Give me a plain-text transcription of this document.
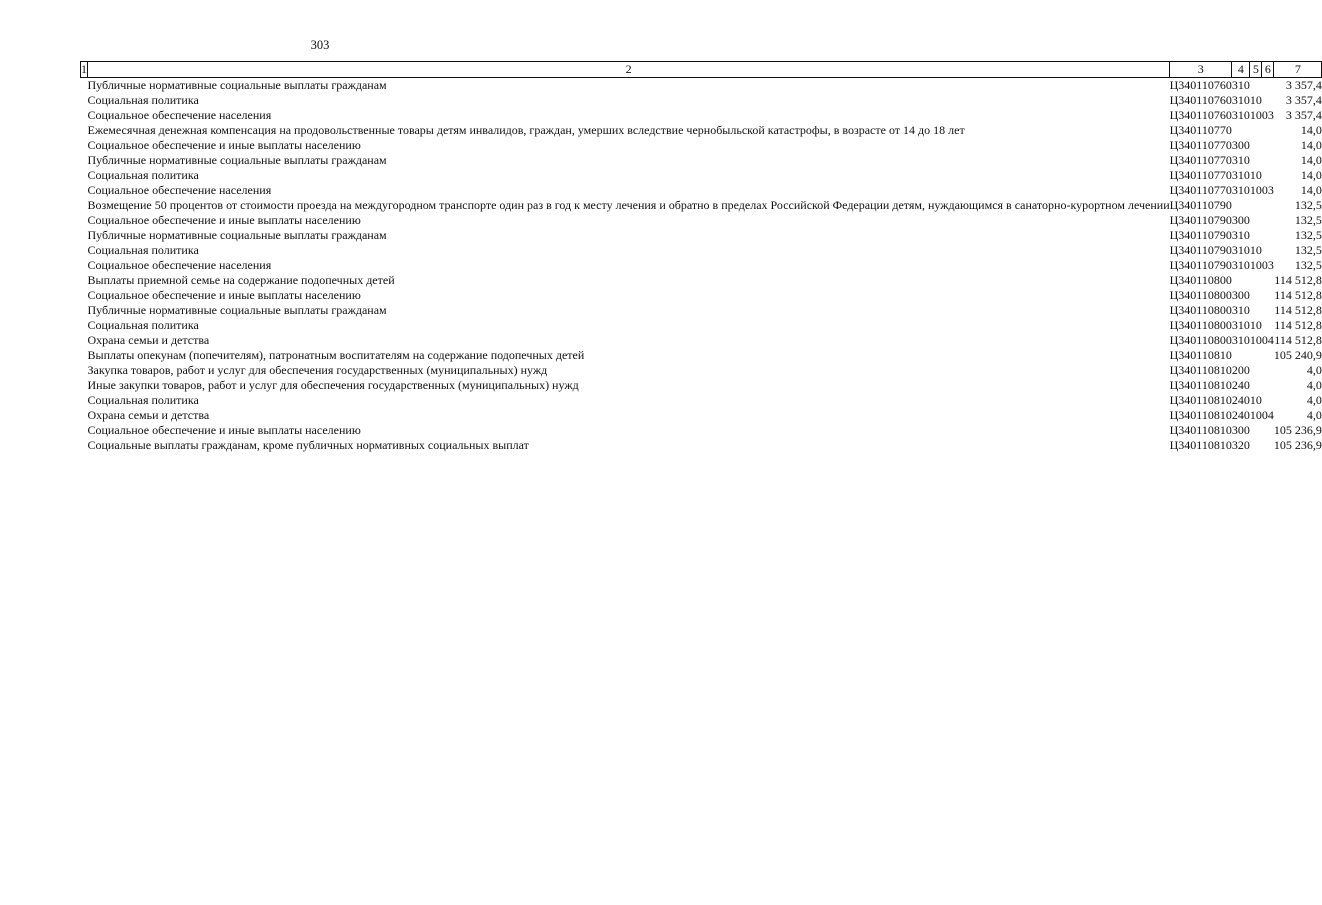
303
1	2	3	4	5	6	7
	Публичные нормативные социальные выплаты гражданам	Ц340110760	310			3 357,4
	Социальная политика	Ц340110760	310	10		3 357,4
	Социальное обеспечение населения	Ц340110760	310	10	03	3 357,4
	Ежемесячная денежная компенсация на продовольственные товары детям инвалидов, граждан, умерших вследствие чернобыльской катастрофы, в возрасте от 14 до 18 лет	Ц340110770				14,0
	Социальное обеспечение и иные выплаты населению	Ц340110770	300			14,0
	Публичные нормативные социальные выплаты гражданам	Ц340110770	310			14,0
	Социальная политика	Ц340110770	310	10		14,0
	Социальное обеспечение населения	Ц340110770	310	10	03	14,0
	Возмещение 50 процентов от стоимости проезда на междугородном транспорте один раз в год к месту лечения и обратно в пределах Российской Федерации детям, нуждающимся в санаторно-курортном лечении	Ц340110790				132,5
	Социальное обеспечение и иные выплаты населению	Ц340110790	300			132,5
	Публичные нормативные социальные выплаты гражданам	Ц340110790	310			132,5
	Социальная политика	Ц340110790	310	10		132,5
	Социальное обеспечение населения	Ц340110790	310	10	03	132,5
	Выплаты приемной семье на содержание подопечных детей	Ц340110800				114 512,8
	Социальное обеспечение и иные выплаты населению	Ц340110800	300			114 512,8
	Публичные нормативные социальные выплаты гражданам	Ц340110800	310			114 512,8
	Социальная политика	Ц340110800	310	10		114 512,8
	Охрана семьи и детства	Ц340110800	310	10	04	114 512,8
	Выплаты опекунам (попечителям), патронатным воспитателям на содержание подопечных детей	Ц340110810				105 240,9
	Закупка товаров, работ и услуг для обеспечения государственных (муниципальных) нужд	Ц340110810	200			4,0
	Иные закупки товаров, работ и услуг для обеспечения государственных (муниципальных) нужд	Ц340110810	240			4,0
	Социальная политика	Ц340110810	240	10		4,0
	Охрана семьи и детства	Ц340110810	240	10	04	4,0
	Социальное обеспечение и иные выплаты населению	Ц340110810	300			105 236,9
	Социальные выплаты гражданам, кроме публичных нормативных социальных выплат	Ц340110810	320			105 236,9
